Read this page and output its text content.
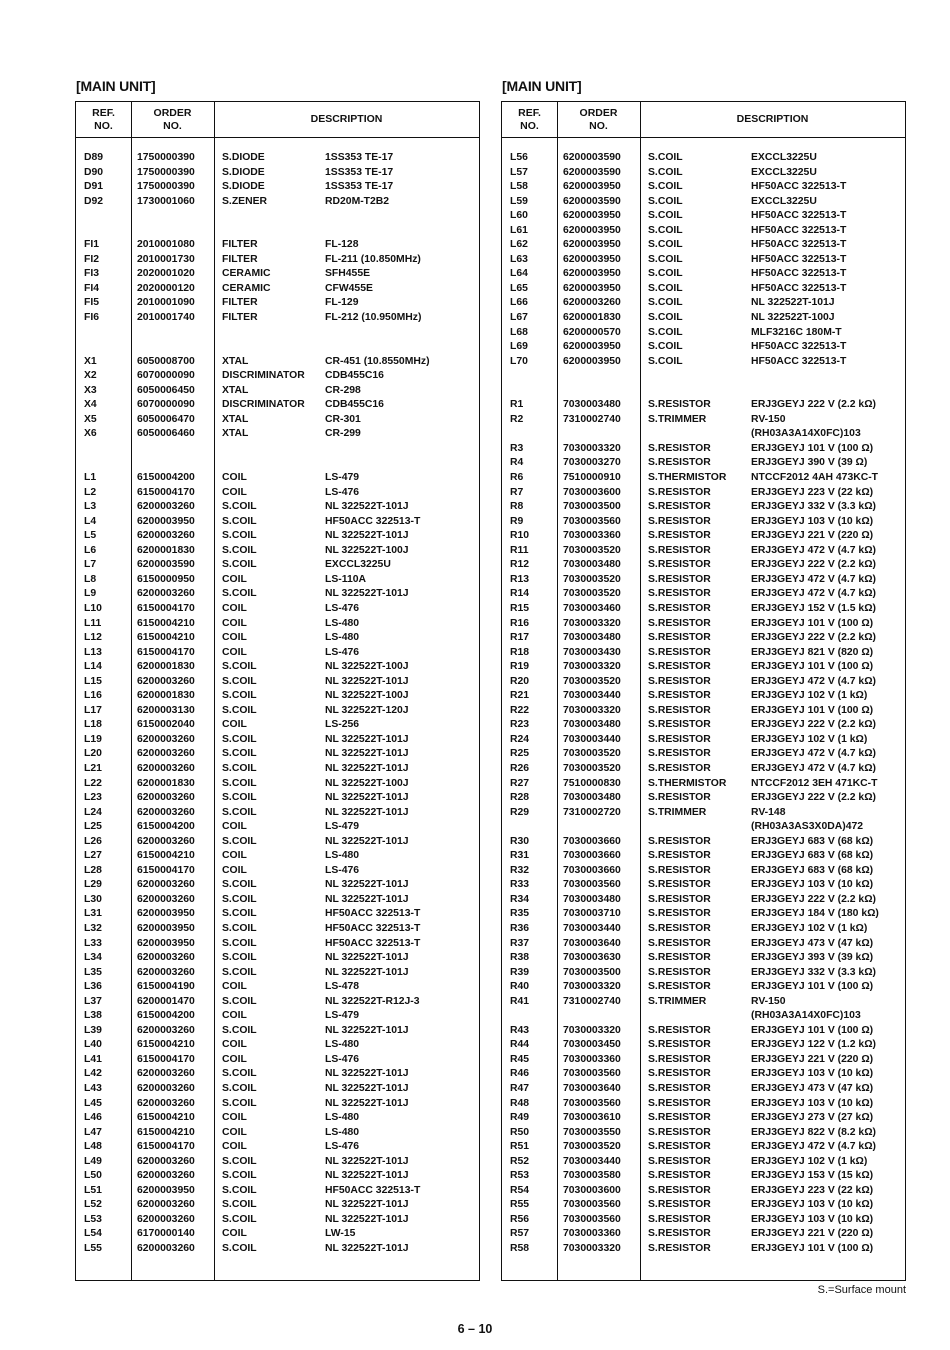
[MAIN UNIT]
REF.
NO.
ORDER
NO.
DESCRIPTION
D89	1750000390	S.DIODE	1SS353 TE-17
D90	1750000390	S.DIODE	1SS353 TE-17
D91	1750000390	S.DIODE	1SS353 TE-17
D92	1730001060	S.ZENER	RD20M-T2B2
FI1	2010001080	FILTER	FL-128
FI2	2010001730	FILTER	FL-211 (10.850MHz)
FI3	2020001020	CERAMIC	SFH455E
FI4	2020000120	CERAMIC	CFW455E
FI5	2010001090	FILTER	FL-129
FI6	2010001740	FILTER	FL-212 (10.950MHz)
X1	6050008700	XTAL	CR-451 (10.8550MHz)
X2	6070000090	DISCRIMINATOR CDB455C16
X3	6050006450	XTAL	CR-298
X4	6070000090	DISCRIMINATOR CDB455C16
X5	6050006470	XTAL	CR-301
X6	6050006460	XTAL	CR-299
L1	6150004200	COIL	LS-479
L2	6150004170	COIL	LS-476
L3	6200003260	S.COIL	NL 322522T-101J
L4	6200003950	S.COIL	HF50ACC 322513-T
L5	6200003260	S.COIL	NL 322522T-101J
L6	6200001830	S.COIL	NL 322522T-100J
L7	6200003590	S.COIL	EXCCL3225U
L8	6150000950	COIL	LS-110A
L9	6200003260	S.COIL	NL 322522T-101J
L10	6150004170	COIL	LS-476
L11	6150004210	COIL	LS-480
L12	6150004210	COIL	LS-480
L13	6150004170	COIL	LS-476
L14	6200001830	S.COIL	NL 322522T-100J
L15	6200003260	S.COIL	NL 322522T-101J
L16	6200001830	S.COIL	NL 322522T-100J
L17	6200003130	S.COIL	NL 322522T-120J
L18	6150002040	COIL	LS-256
L19	6200003260	S.COIL	NL 322522T-101J
L20	6200003260	S.COIL	NL 322522T-101J
L21	6200003260	S.COIL	NL 322522T-101J
L22	6200001830	S.COIL	NL 322522T-100J
L23	6200003260	S.COIL	NL 322522T-101J
L24	6200003260	S.COIL	NL 322522T-101J
L25	6150004200	COIL	LS-479
L26	6200003260	S.COIL	NL 322522T-101J
L27	6150004210	COIL	LS-480
L28	6150004170	COIL	LS-476
L29	6200003260	S.COIL	NL 322522T-101J
L30	6200003260	S.COIL	NL 322522T-101J
L31	6200003950	S.COIL	HF50ACC 322513-T
L32	6200003950	S.COIL	HF50ACC 322513-T
L33	6200003950	S.COIL	HF50ACC 322513-T
L34	6200003260	S.COIL	NL 322522T-101J
L35	6200003260	S.COIL	NL 322522T-101J
L36	6150004190	COIL	LS-478
L37	6200001470	S.COIL	NL 322522T-R12J-3
L38	6150004200	COIL	LS-479
L39	6200003260	S.COIL	NL 322522T-101J
L40	6150004210	COIL	LS-480
L41	6150004170	COIL	LS-476
L42	6200003260	S.COIL	NL 322522T-101J
L43	6200003260	S.COIL	NL 322522T-101J
L45	6200003260	S.COIL	NL 322522T-101J
L46	6150004210	COIL	LS-480
L47	6150004210	COIL	LS-480
L48	6150004170	COIL	LS-476
L49	6200003260	S.COIL	NL 322522T-101J
L50	6200003260	S.COIL	NL 322522T-101J
L51	6200003950	S.COIL	HF50ACC 322513-T
L52	6200003260	S.COIL	NL 322522T-101J
L53	6200003260	S.COIL	NL 322522T-101J
L54	6170000140	COIL	LW-15
L55	6200003260	S.COIL	NL 322522T-101J
[MAIN UNIT]
REF.
NO.
ORDER
NO.
DESCRIPTION
L56	6200003590	S.COIL	EXCCL3225U
L57	6200003590	S.COIL	EXCCL3225U
L58	6200003950	S.COIL	HF50ACC 322513-T
L59	6200003590	S.COIL	EXCCL3225U
L60	6200003950	S.COIL	HF50ACC 322513-T
L61	6200003950	S.COIL	HF50ACC 322513-T
L62	6200003950	S.COIL	HF50ACC 322513-T
L63	6200003950	S.COIL	HF50ACC 322513-T
L64	6200003950	S.COIL	HF50ACC 322513-T
L65	6200003950	S.COIL	HF50ACC 322513-T
L66	6200003260	S.COIL	NL 322522T-101J
L67	6200001830	S.COIL	NL 322522T-100J
L68	6200000570	S.COIL	MLF3216C 180M-T
L69	6200003950	S.COIL	HF50ACC 322513-T
L70	6200003950	S.COIL	HF50ACC 322513-T
R1	7030003480	S.RESISTOR	ERJ3GEYJ 222 V (2.2 kΩ)
R2	7310002740	S.TRIMMER	RV-150
(RH03A3A14X0FC)103
R3	7030003320	S.RESISTOR	ERJ3GEYJ 101 V (100 Ω)
R4	7030003270	S.RESISTOR	ERJ3GEYJ 390 V (39 Ω)
R6	7510000910	S.THERMISTOR NTCCF2012 4AH 473KC-T
R7	7030003600	S.RESISTOR	ERJ3GEYJ 223 V (22 kΩ)
R8	7030003500	S.RESISTOR	ERJ3GEYJ 332 V (3.3 kΩ)
R9	7030003560	S.RESISTOR	ERJ3GEYJ 103 V (10 kΩ)
R10	7030003360	S.RESISTOR	ERJ3GEYJ 221 V (220 Ω)
R11	7030003520	S.RESISTOR	ERJ3GEYJ 472 V (4.7 kΩ)
R12	7030003480	S.RESISTOR	ERJ3GEYJ 222 V (2.2 kΩ)
R13	7030003520	S.RESISTOR	ERJ3GEYJ 472 V (4.7 kΩ)
R14	7030003520	S.RESISTOR	ERJ3GEYJ 472 V (4.7 kΩ)
R15	7030003460	S.RESISTOR	ERJ3GEYJ 152 V (1.5 kΩ)
R16	7030003320	S.RESISTOR	ERJ3GEYJ 101 V (100 Ω)
R17	7030003480	S.RESISTOR	ERJ3GEYJ 222 V (2.2 kΩ)
R18	7030003430	S.RESISTOR	ERJ3GEYJ 821 V (820 Ω)
R19	7030003320	S.RESISTOR	ERJ3GEYJ 101 V (100 Ω)
R20	7030003520	S.RESISTOR	ERJ3GEYJ 472 V (4.7 kΩ)
R21	7030003440	S.RESISTOR	ERJ3GEYJ 102 V (1 kΩ)
R22	7030003320	S.RESISTOR	ERJ3GEYJ 101 V (100 Ω)
R23	7030003480	S.RESISTOR	ERJ3GEYJ 222 V (2.2 kΩ)
R24	7030003440	S.RESISTOR	ERJ3GEYJ 102 V (1 kΩ)
R25	7030003520	S.RESISTOR	ERJ3GEYJ 472 V (4.7 kΩ)
R26	7030003520	S.RESISTOR	ERJ3GEYJ 472 V (4.7 kΩ)
R27	7510000830	S.THERMISTOR NTCCF2012 3EH 471KC-T
R28	7030003480	S.RESISTOR	ERJ3GEYJ 222 V (2.2 kΩ)
R29	7310002720	S.TRIMMER	RV-148
(RH03A3AS3X0DA)472
R30	7030003660	S.RESISTOR	ERJ3GEYJ 683 V (68 kΩ)
R31	7030003660	S.RESISTOR	ERJ3GEYJ 683 V (68 kΩ)
R32	7030003660	S.RESISTOR	ERJ3GEYJ 683 V (68 kΩ)
R33	7030003560	S.RESISTOR	ERJ3GEYJ 103 V (10 kΩ)
R34	7030003480	S.RESISTOR	ERJ3GEYJ 222 V (2.2 kΩ)
R35	7030003710	S.RESISTOR	ERJ3GEYJ 184 V (180 kΩ)
R36	7030003440	S.RESISTOR	ERJ3GEYJ 102 V (1 kΩ)
R37	7030003640	S.RESISTOR	ERJ3GEYJ 473 V (47 kΩ)
R38	7030003630	S.RESISTOR	ERJ3GEYJ 393 V (39 kΩ)
R39	7030003500	S.RESISTOR	ERJ3GEYJ 332 V (3.3 kΩ)
R40	7030003320	S.RESISTOR	ERJ3GEYJ 101 V (100 Ω)
R41	7310002740	S.TRIMMER	RV-150
(RH03A3A14X0FC)103
R43	7030003320	S.RESISTOR	ERJ3GEYJ 101 V (100 Ω)
R44	7030003450	S.RESISTOR	ERJ3GEYJ 122 V (1.2 kΩ)
R45	7030003360	S.RESISTOR	ERJ3GEYJ 221 V (220 Ω)
R46	7030003560	S.RESISTOR	ERJ3GEYJ 103 V (10 kΩ)
R47	7030003640	S.RESISTOR	ERJ3GEYJ 473 V (47 kΩ)
R48	7030003560	S.RESISTOR	ERJ3GEYJ 103 V (10 kΩ)
R49	7030003610	S.RESISTOR	ERJ3GEYJ 273 V (27 kΩ)
R50	7030003550	S.RESISTOR	ERJ3GEYJ 822 V (8.2 kΩ)
R51	7030003520	S.RESISTOR	ERJ3GEYJ 472 V (4.7 kΩ)
R52	7030003440	S.RESISTOR	ERJ3GEYJ 102 V (1 kΩ)
R53	7030003580	S.RESISTOR	ERJ3GEYJ 153 V (15 kΩ)
R54	7030003600	S.RESISTOR	ERJ3GEYJ 223 V (22 kΩ)
R55	7030003560	S.RESISTOR	ERJ3GEYJ 103 V (10 kΩ)
R56	7030003560	S.RESISTOR	ERJ3GEYJ 103 V (10 kΩ)
R57	7030003360	S.RESISTOR	ERJ3GEYJ 221 V (220 Ω)
R58	7030003320	S.RESISTOR	ERJ3GEYJ 101 V (100 Ω)
S.=Surface mount
6 – 10
